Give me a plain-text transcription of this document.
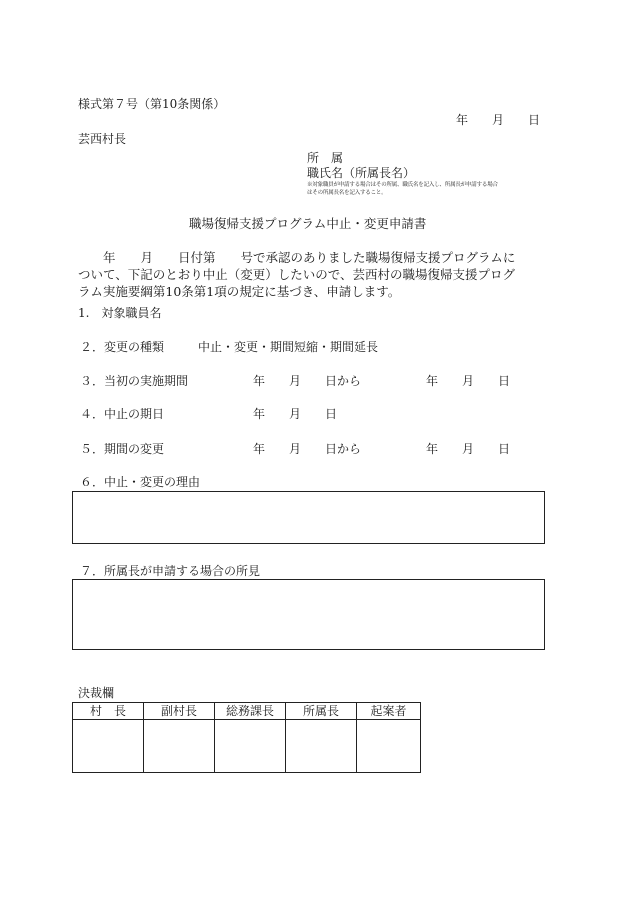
様式第７号（第10条関係）
年　　月　　日
芸西村長
所　属
職氏名（所属長名）
※対象職員が申請する場合はその所属、職氏名を記入し、所属長が申請する場合
はその所属長名を記入すること。
職場復帰支援プログラム中止・変更申請書
年　　月　　日付第　　号で承認のありました職場復帰支援プログラムに
ついて、下記のとおり中止（変更）したいので、芸西村の職場復帰支援プログ
ラム実施要綱第10条第1項の規定に基づき、申請します。
1.　対象職員名
２．変更の種類	中止・変更・期間短縮・期間延長
３．当初の実施期間	年　　月　　日から	年　　月　　日
４．中止の期日	年　　月　　日
５．期間の変更	年　　月　　日から	年　　月　　日
６．中止・変更の理由
７．所属長が申請する場合の所見
決裁欄
村　長	副村長	総務課長	所属長	起案者
